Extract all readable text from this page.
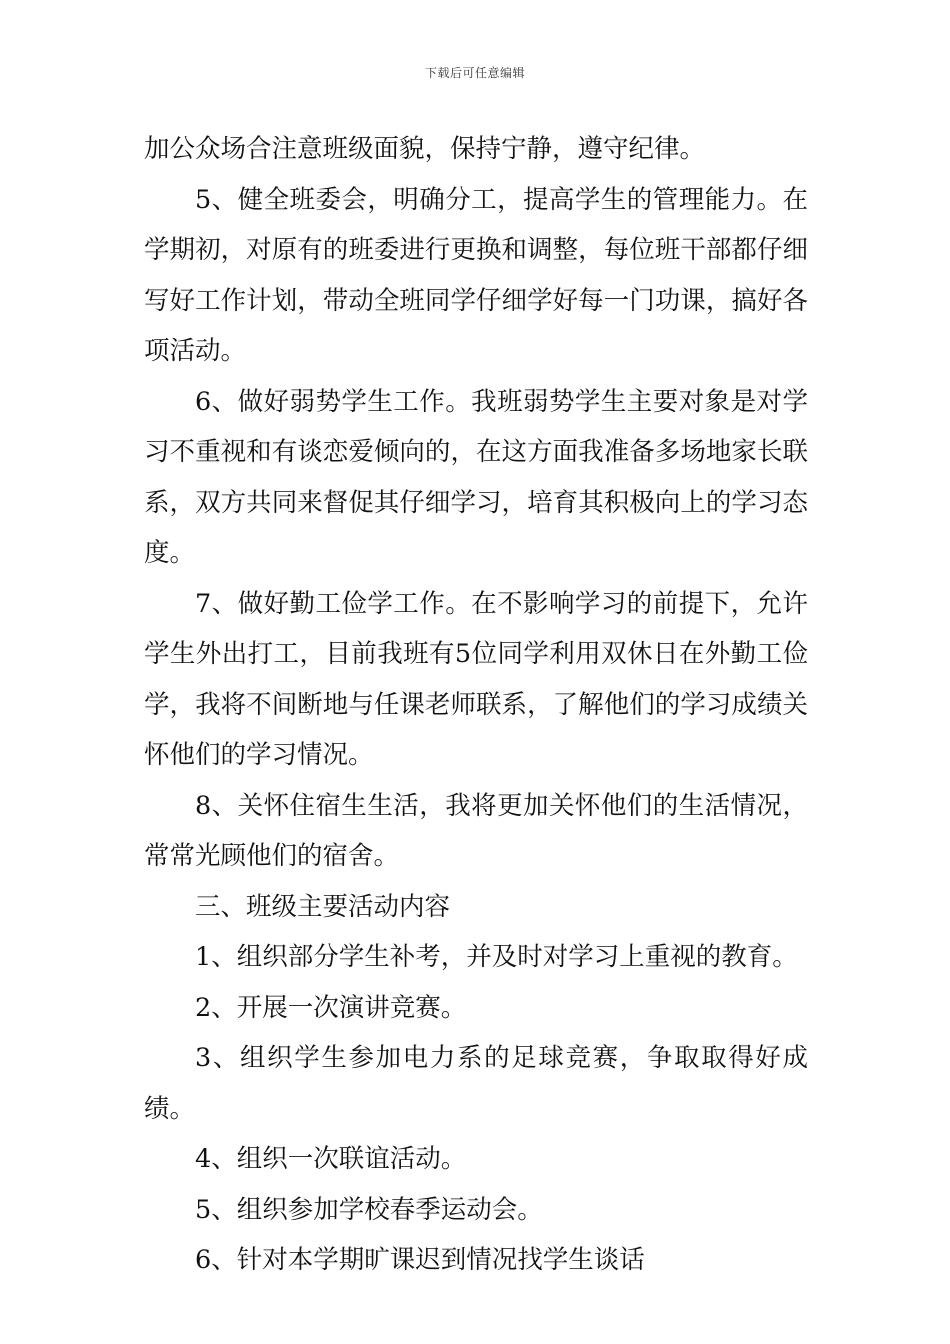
下载后可任意编辑

加公众场合注意班级面貌，保持宁静，遵守纪律。

5、健全班委会，明确分工，提高学生的管理能力。在学期初，对原有的班委进行更换和调整，每位班干部都仔细写好工作计划，带动全班同学仔细学好每一门功课，搞好各项活动。

6、做好弱势学生工作。我班弱势学生主要对象是对学习不重视和有谈恋爱倾向的，在这方面我准备多场地家长联系，双方共同来督促其仔细学习，培育其积极向上的学习态度。

7、做好勤工俭学工作。在不影响学习的前提下，允许学生外出打工，目前我班有5位同学利用双休日在外勤工俭学，我将不间断地与任课老师联系，了解他们的学习成绩关怀他们的学习情况。

8、关怀住宿生生活，我将更加关怀他们的生活情况，常常光顾他们的宿舍。

三、班级主要活动内容

1、组织部分学生补考，并及时对学习上重视的教育。

2、开展一次演讲竞赛。

3、组织学生参加电力系的足球竞赛，争取取得好成绩。

4、组织一次联谊活动。

5、组织参加学校春季运动会。

6、针对本学期旷课迟到情况找学生谈话
